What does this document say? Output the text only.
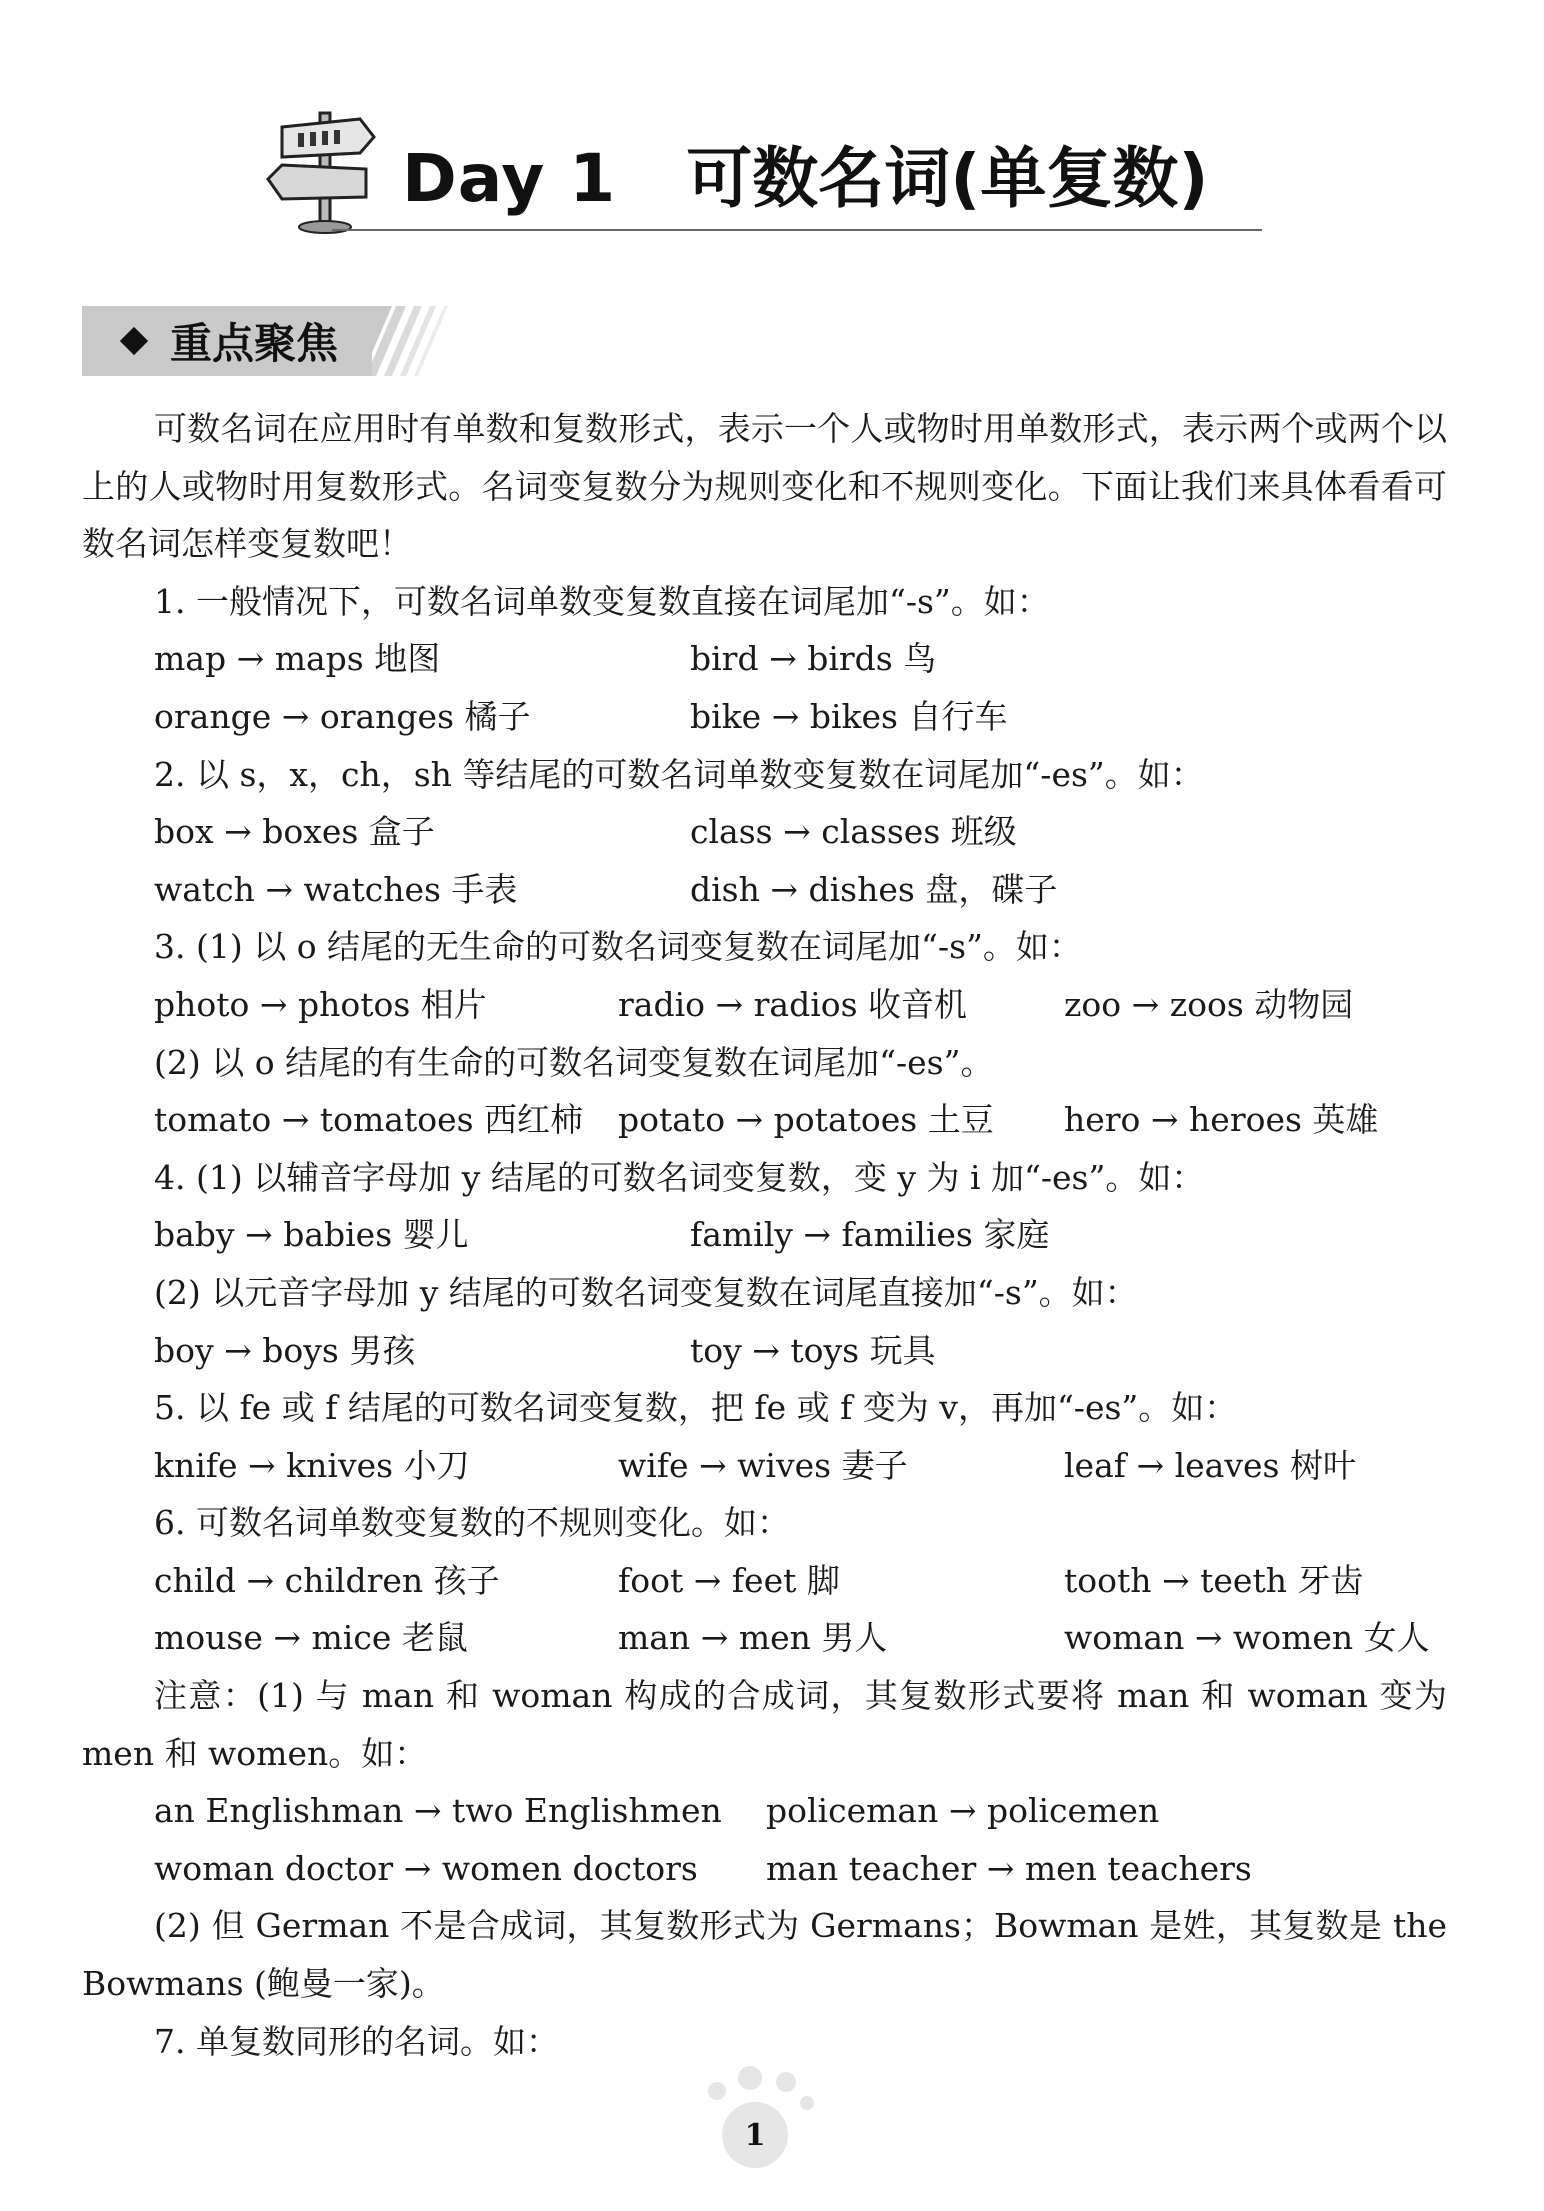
Day 1 可数名词(单复数)
重点聚焦

可数名词在应用时有单数和复数形式，表示一个人或物时用单数形式，表示两个或两个以上的人或物时用复数形式。名词变复数分为规则变化和不规则变化。下面让我们来具体看看可数名词怎样变复数吧！

1. 一般情况下，可数名词单数变复数直接在词尾加“-s”。如：

map → maps 地图	bird → birds 鸟
orange → oranges 橘子	bike → bikes 自行车

2. 以 s，x，ch，sh 等结尾的可数名词单数变复数在词尾加“-es”。如：

box → boxes 盒子	class → classes 班级
watch → watches 手表	dish → dishes 盘，碟子

3. (1) 以 o 结尾的无生命的可数名词变复数在词尾加“-s”。如：

photo → photos 相片	radio → radios 收音机	zoo → zoos 动物园

(2) 以 o 结尾的有生命的可数名词变复数在词尾加“-es”。

tomato → tomatoes 西红柿	potato → potatoes 土豆	hero → heroes 英雄

4. (1) 以辅音字母加 y 结尾的可数名词变复数，变 y 为 i 加“-es”。如：

baby → babies 婴儿	family → families 家庭

(2) 以元音字母加 y 结尾的可数名词变复数在词尾直接加“-s”。如：

boy → boys 男孩	toy → toys 玩具

5. 以 fe 或 f 结尾的可数名词变复数，把 fe 或 f 变为 v，再加“-es”。如：

knife → knives 小刀	wife → wives 妻子	leaf → leaves 树叶

6. 可数名词单数变复数的不规则变化。如：

child → children 孩子	foot → feet 脚	tooth → teeth 牙齿
mouse → mice 老鼠	man → men 男人	woman → women 女人

注意：(1) 与 man 和 woman 构成的合成词，其复数形式要将 man 和 woman 变为 men 和 women。如：

an Englishman → two Englishmen	policeman → policemen
woman doctor → women doctors	man teacher → men teachers

(2) 但 German 不是合成词，其复数形式为 Germans；Bowman 是姓，其复数是 the Bowmans (鲍曼一家)。

7. 单复数同形的名词。如：

1
